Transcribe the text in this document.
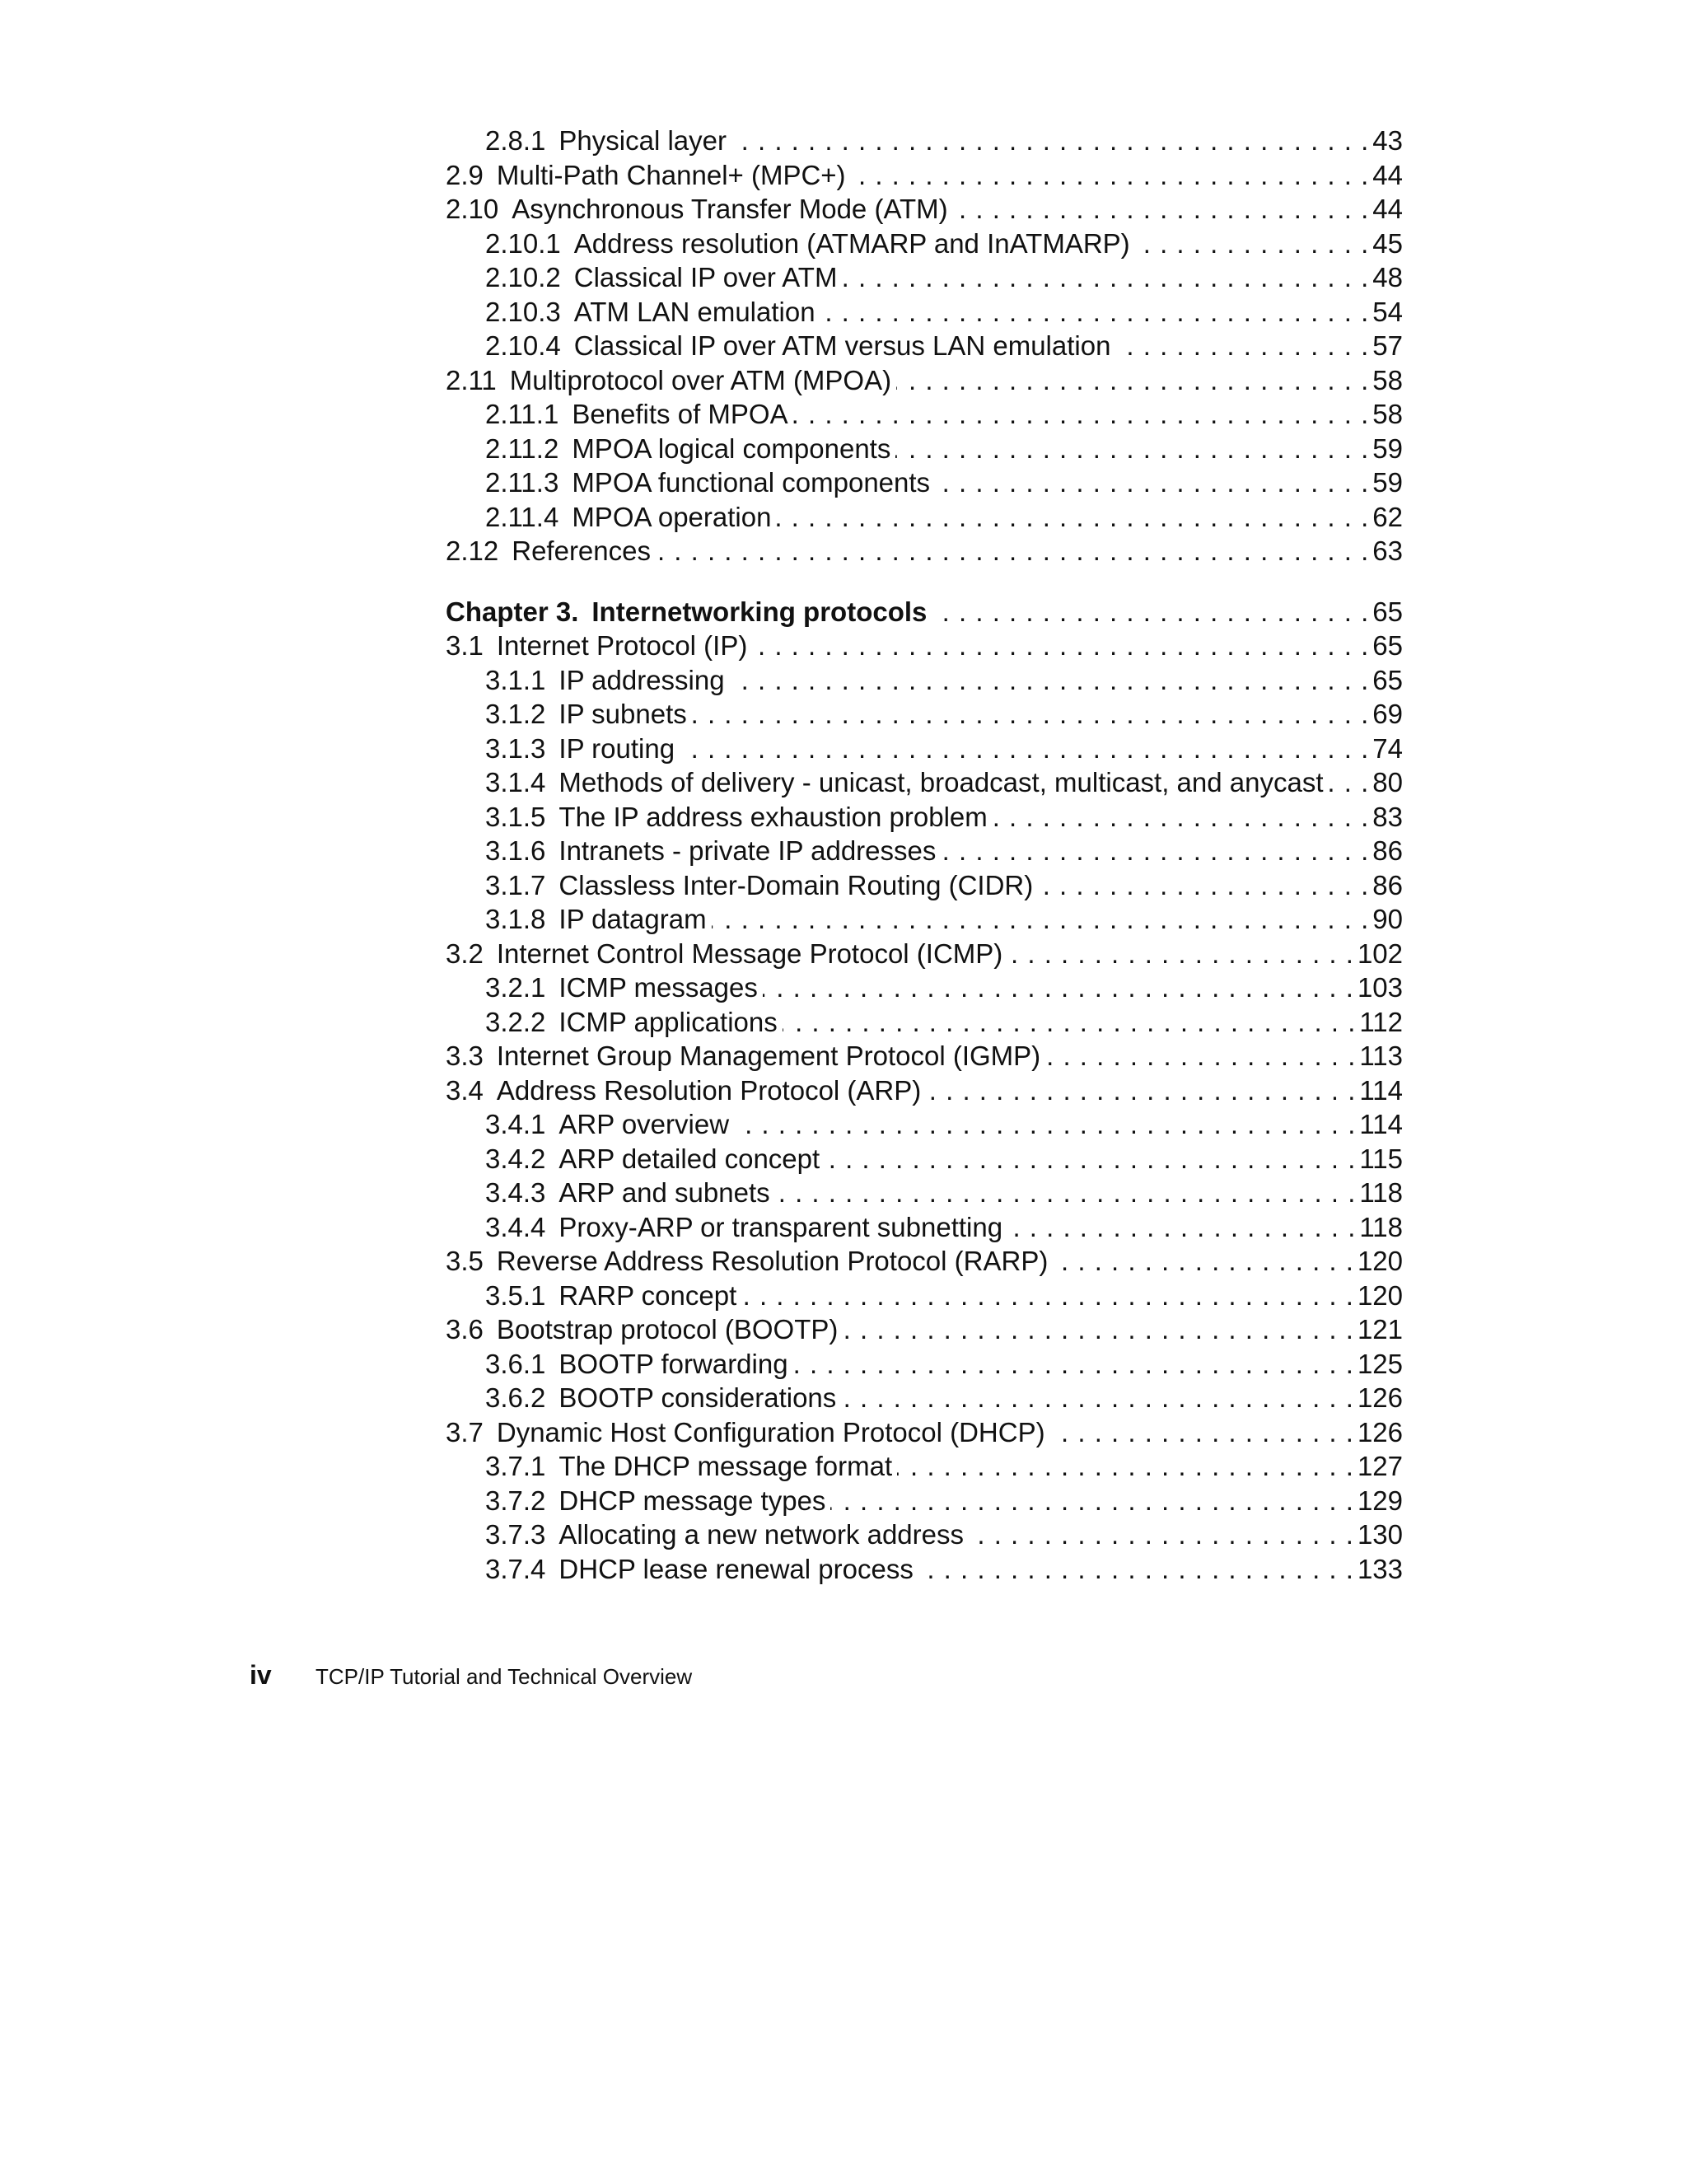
2.8.1 Physical layer . . .	43
2.9 Multi-Path Channel+ (MPC+) . . .	44
2.10 Asynchronous Transfer Mode (ATM) . . .	44
2.10.1 Address resolution (ATMARP and InATMARP) . . .	45
2.10.2 Classical IP over ATM . . .	48
2.10.3 ATM LAN emulation . . .	54
2.10.4 Classical IP over ATM versus LAN emulation . . .	57
2.11 Multiprotocol over ATM (MPOA) . . .	58
2.11.1 Benefits of MPOA . . .	58
2.11.2 MPOA logical components . . .	59
2.11.3 MPOA functional components . . .	59
2.11.4 MPOA operation . . .	62
2.12 References . . .	63
Chapter 3. Internetworking protocols . . .	65
3.1 Internet Protocol (IP) . . .	65
3.1.1 IP addressing . . .	65
3.1.2 IP subnets . . .	69
3.1.3 IP routing . . .	74
3.1.4 Methods of delivery - unicast, broadcast, multicast, and anycast . . . 80
3.1.5 The IP address exhaustion problem . . .	83
3.1.6 Intranets - private IP addresses . . .	86
3.1.7 Classless Inter-Domain Routing (CIDR) . . .	86
3.1.8 IP datagram . . .	90
3.2 Internet Control Message Protocol (ICMP) . . .	102
3.2.1 ICMP messages . . .	103
3.2.2 ICMP applications . . .	112
3.3 Internet Group Management Protocol (IGMP) . . .	113
3.4 Address Resolution Protocol (ARP) . . .	114
3.4.1 ARP overview . . .	114
3.4.2 ARP detailed concept . . .	115
3.4.3 ARP and subnets . . .	118
3.4.4 Proxy-ARP or transparent subnetting . . .	118
3.5 Reverse Address Resolution Protocol (RARP) . . .	120
3.5.1 RARP concept . . .	120
3.6 Bootstrap protocol (BOOTP) . . .	121
3.6.1 BOOTP forwarding . . .	125
3.6.2 BOOTP considerations . . .	126
3.7 Dynamic Host Configuration Protocol (DHCP) . . .	126
3.7.1 The DHCP message format . . .	127
3.7.2 DHCP message types . . .	129
3.7.3 Allocating a new network address . . .	130
3.7.4 DHCP lease renewal process . . .	133
iv	TCP/IP Tutorial and Technical Overview
